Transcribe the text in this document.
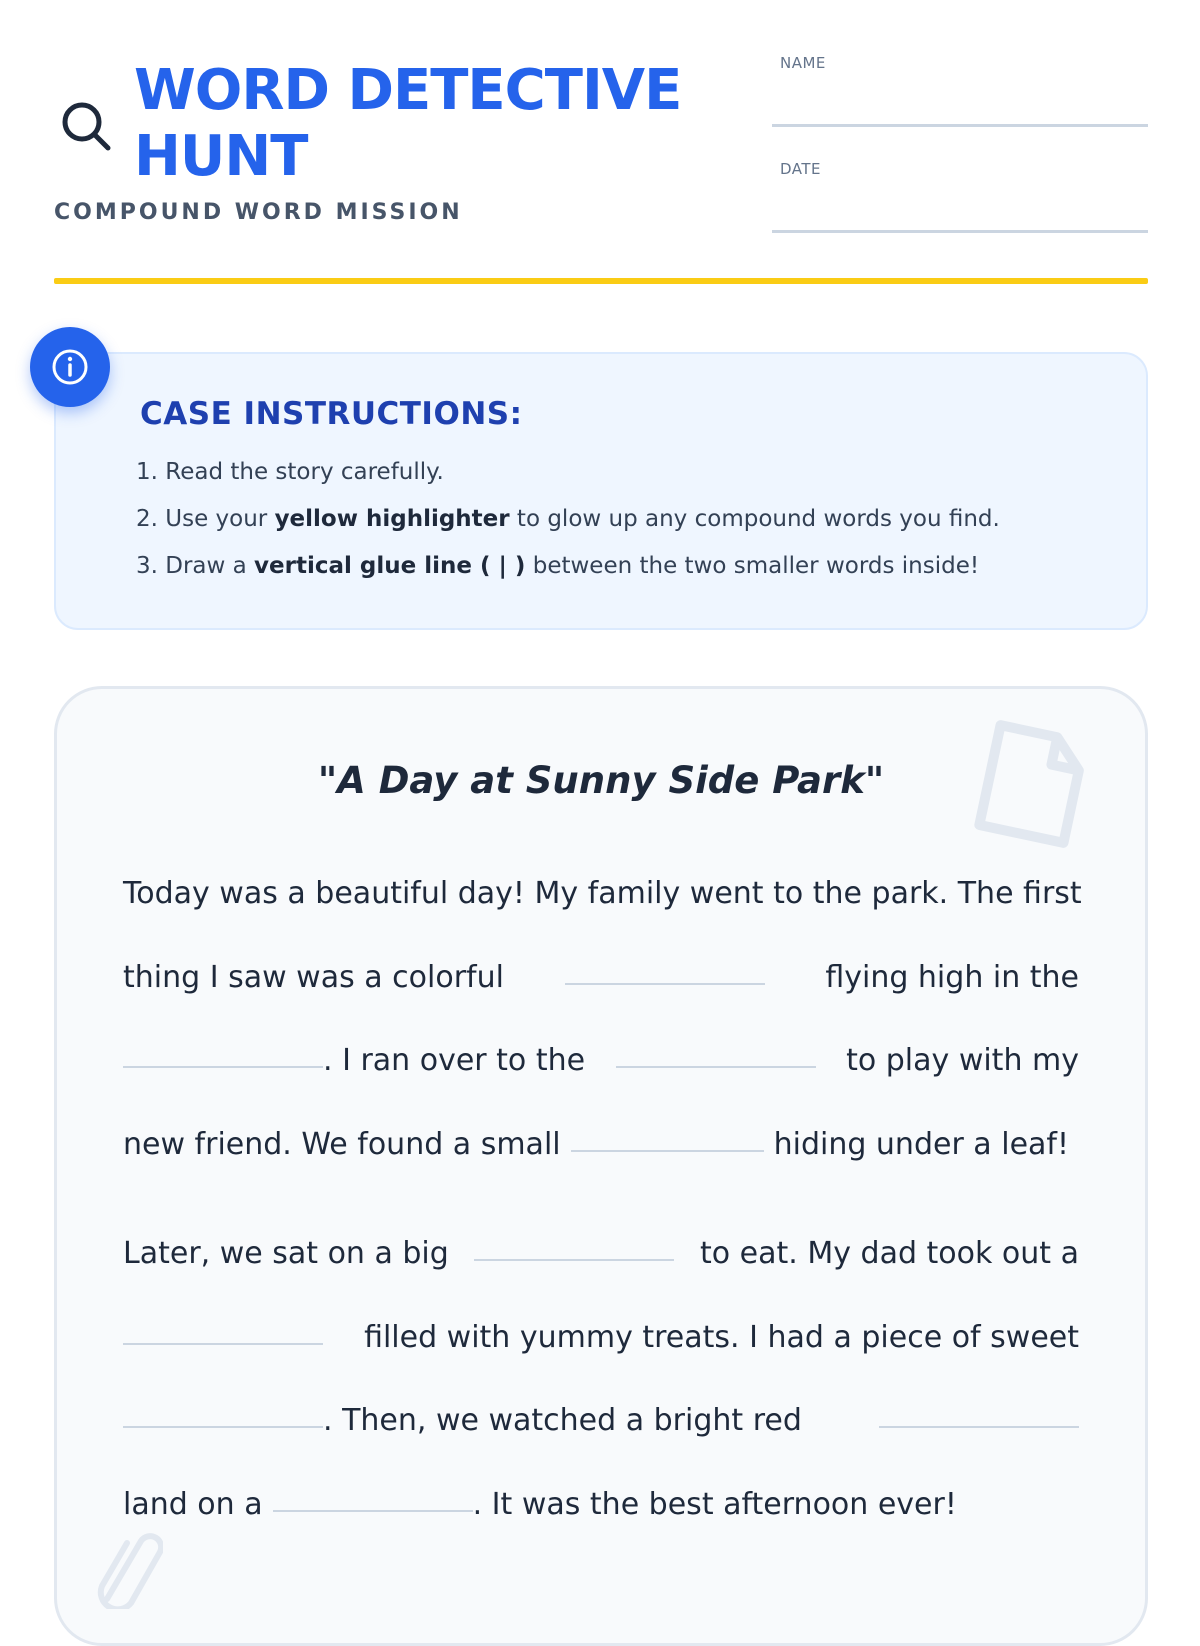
WORD DETECTIVE HUNT
COMPOUND WORD MISSION
NAME
DATE
CASE INSTRUCTIONS:
1. Read the story carefully.
2. Use your yellow highlighter to glow up any compound words you find.
3. Draw a vertical glue line ( | ) between the two smaller words inside!
"A Day at Sunny Side Park"
Today was a beautiful day! My family went to the park. The first
thing I saw was a colorful	flying high in the
. I ran over to the	to play with my
new friend. We found a small	hiding under a leaf!
Later, we sat on a big	to eat. My dad took out a
filled with yummy treats. I had a piece of sweet
. Then, we watched a bright red
land on a	. It was the best afternoon ever!
